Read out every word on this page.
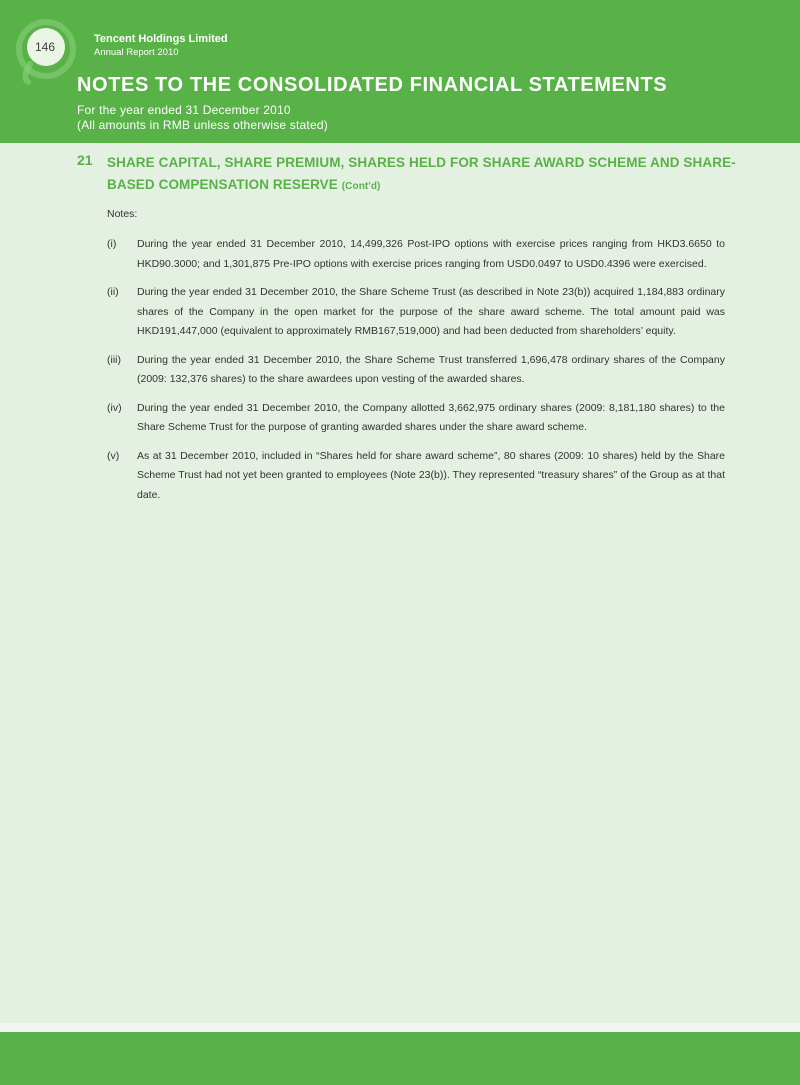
146
Tencent Holdings Limited
Annual Report 2010
NOTES TO THE CONSOLIDATED FINANCIAL STATEMENTS
For the year ended 31 December 2010
(All amounts in RMB unless otherwise stated)
21 SHARE CAPITAL, SHARE PREMIUM, SHARES HELD FOR SHARE AWARD SCHEME AND SHARE-BASED COMPENSATION RESERVE (Cont'd)
Notes:
(i)	During the year ended 31 December 2010, 14,499,326 Post-IPO options with exercise prices ranging from HKD3.6650 to HKD90.3000; and 1,301,875 Pre-IPO options with exercise prices ranging from USD0.0497 to USD0.4396 were exercised.
(ii)	During the year ended 31 December 2010, the Share Scheme Trust (as described in Note 23(b)) acquired 1,184,883 ordinary shares of the Company in the open market for the purpose of the share award scheme. The total amount paid was HKD191,447,000 (equivalent to approximately RMB167,519,000) and had been deducted from shareholders’ equity.
(iii)	During the year ended 31 December 2010, the Share Scheme Trust transferred 1,696,478 ordinary shares of the Company (2009: 132,376 shares) to the share awardees upon vesting of the awarded shares.
(iv)	During the year ended 31 December 2010, the Company allotted 3,662,975 ordinary shares (2009: 8,181,180 shares) to the Share Scheme Trust for the purpose of granting awarded shares under the share award scheme.
(v)	As at 31 December 2010, included in “Shares held for share award scheme”, 80 shares (2009: 10 shares) held by the Share Scheme Trust had not yet been granted to employees (Note 23(b)). They represented “treasury shares” of the Group as at that date.
